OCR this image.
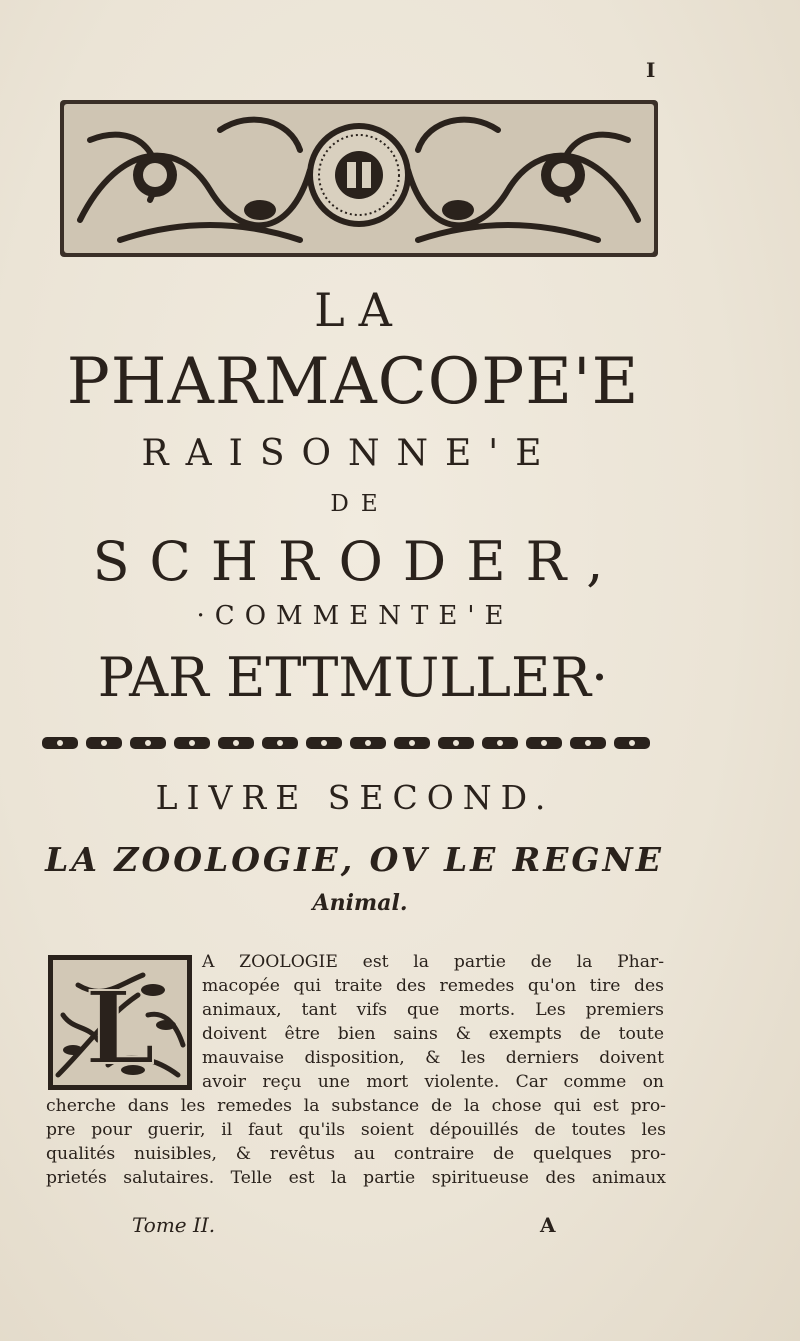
I
LA
PHARMACOPE'E
RAISONNE'E
DE
SCHRODER,
·COMMENTE'E
PAR ETTMULLER·
LIVRE SECOND.
LA ZOOLOGIE, OV LE REGNE
Animal.
L
A ZOOLOGIE est la partie de la Phar-
macopée qui traite des remedes qu'on tire des
animaux, tant vifs que morts. Les premiers
doivent être bien sains & exempts de toute
mauvaise disposition, & les derniers doivent
avoir reçu une mort violente. Car comme on
cherche dans les remedes la substance de la chose qui est pro-
pre pour guerir, il faut qu'ils soient dépouillés de toutes les
qualités nuisibles, & revêtus au contraire de quelques pro-
prietés salutaires. Telle est la partie spiritueuse des animaux
Tome II.	A
